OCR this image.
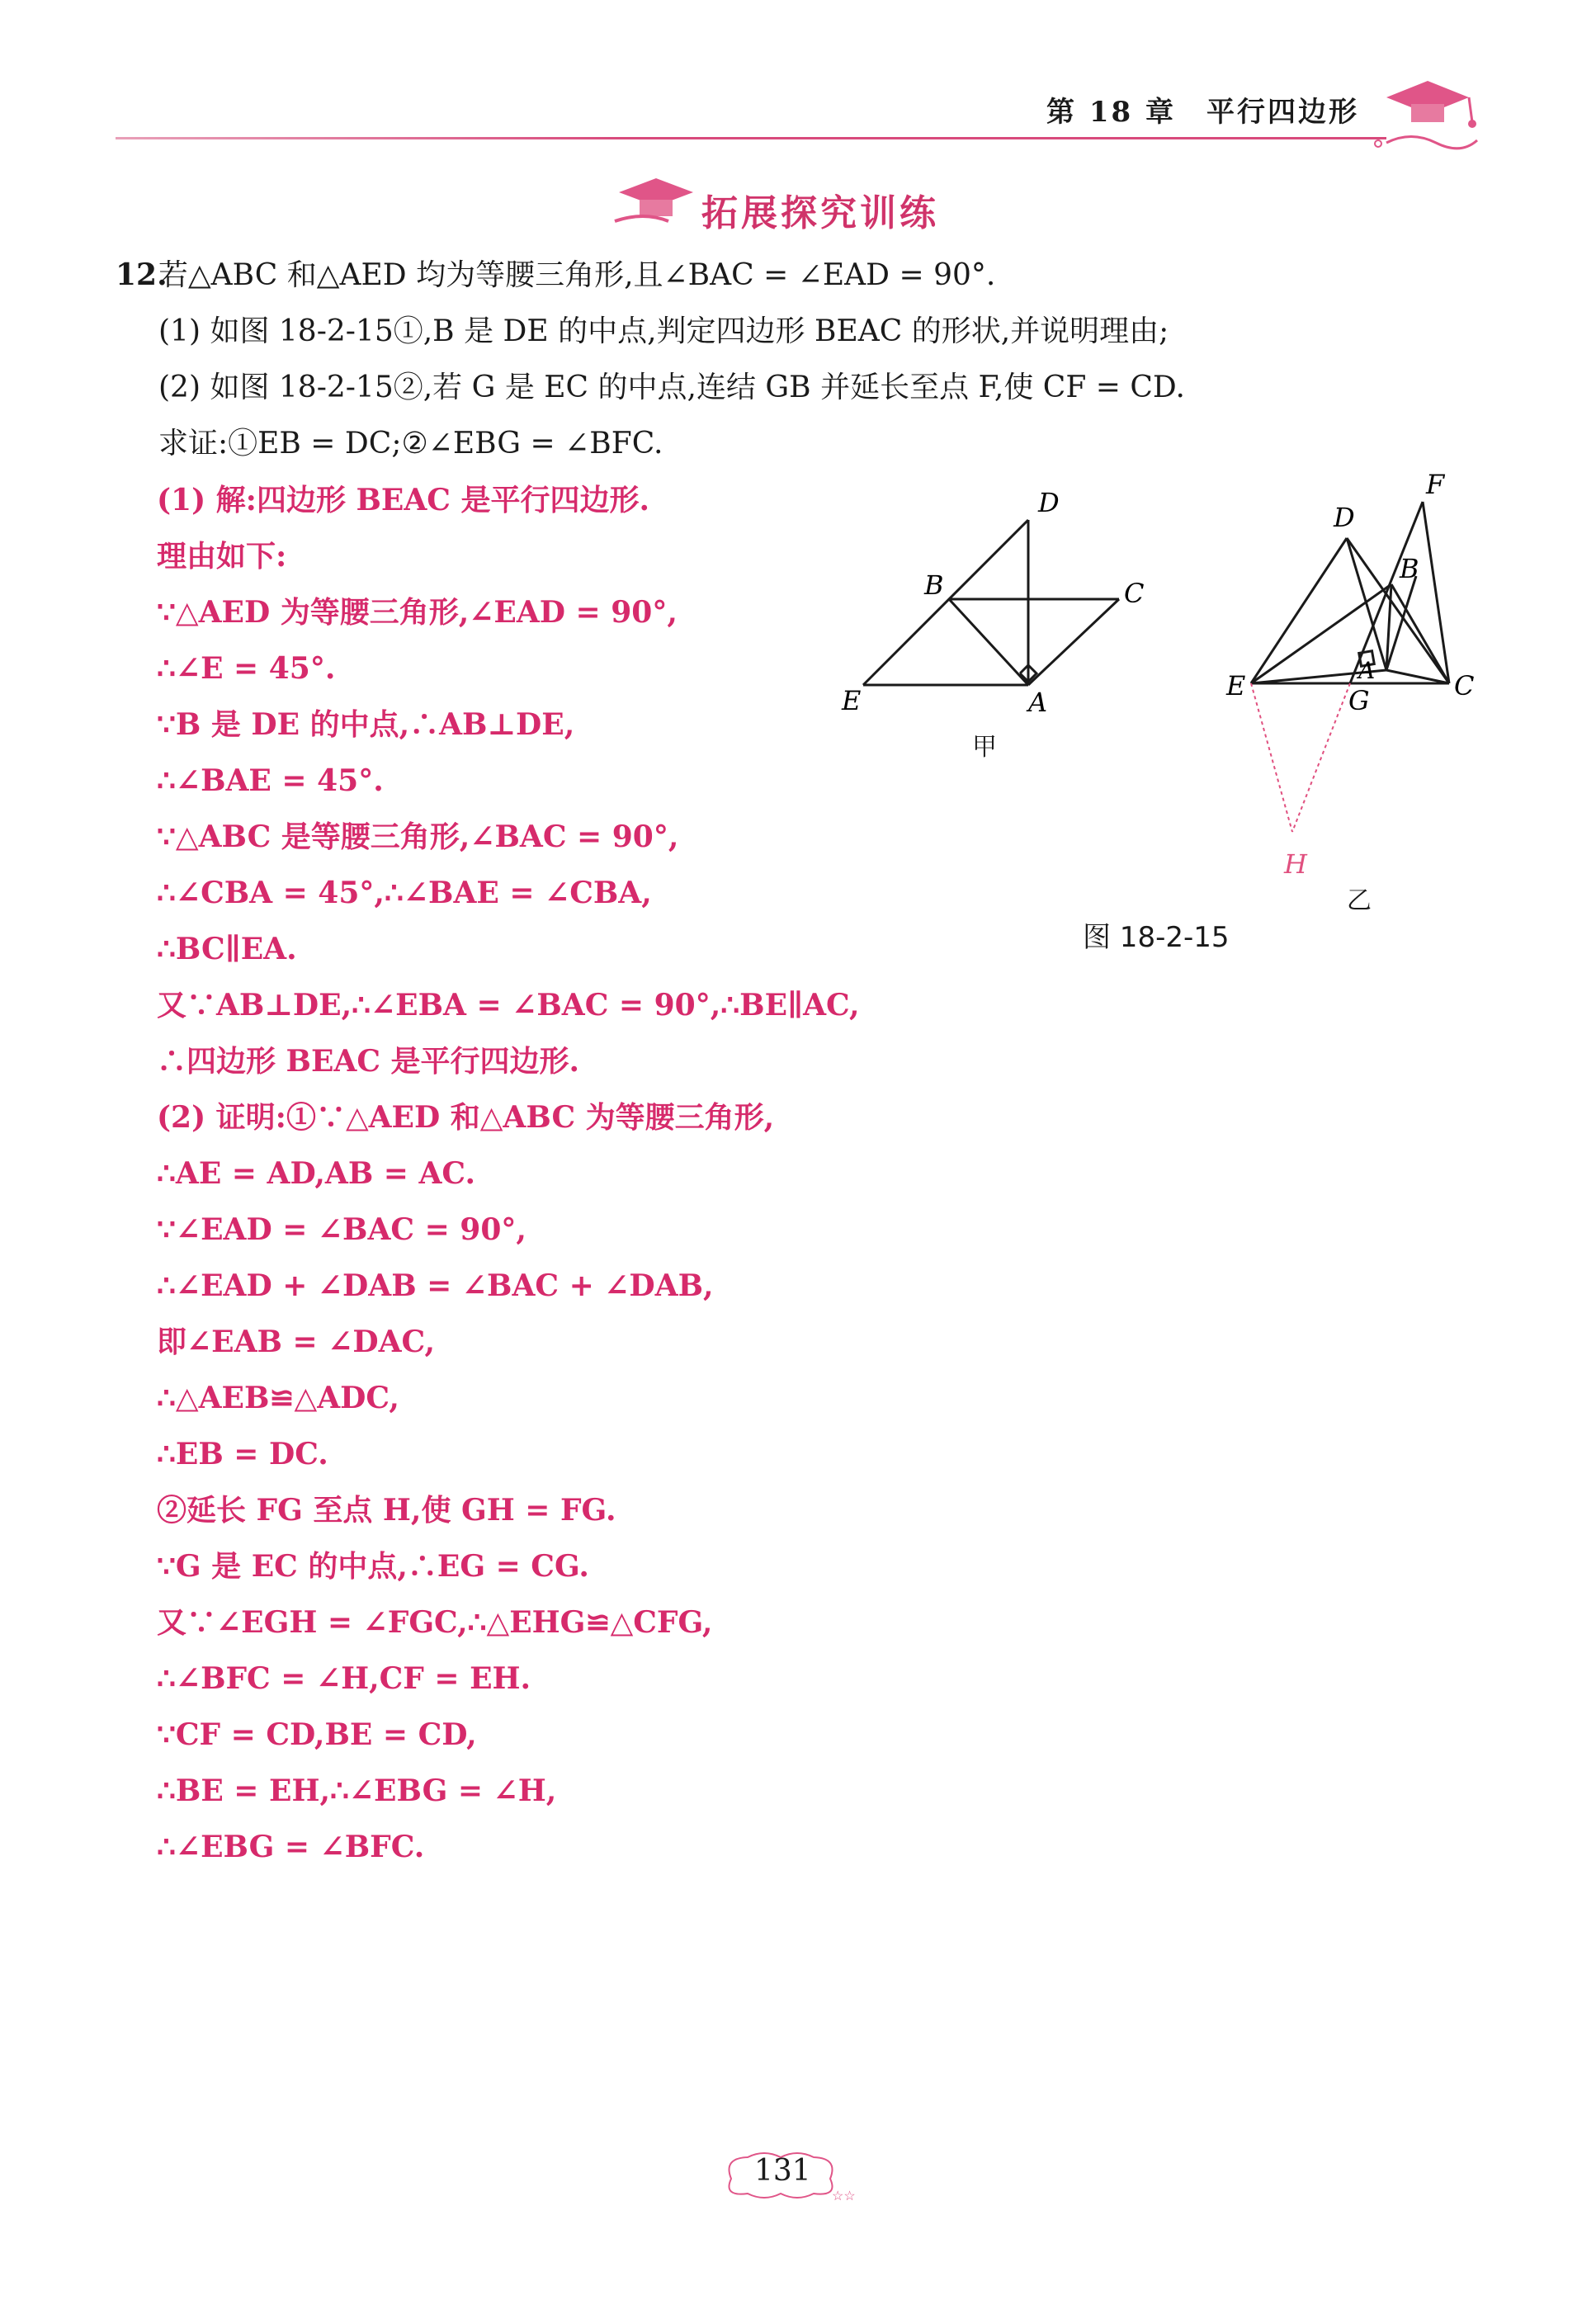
第 18 章　平行四边形
拓展探究训练
12.
若△ABC 和△AED 均为等腰三角形,且∠BAC = ∠EAD = 90°.
(1) 如图 18-2-15①,B 是 DE 的中点,判定四边形 BEAC 的形状,并说明理由;
(2) 如图 18-2-15②,若 G 是 EC 的中点,连结 GB 并延长至点 F,使 CF = CD.
求证:①EB = DC;②∠EBG = ∠BFC.
(1) 解:四边形 BEAC 是平行四边形.
理由如下:
∵△AED 为等腰三角形,∠EAD = 90°,
∴∠E = 45°.
∵B 是 DE 的中点,∴AB⊥DE,
∴∠BAE = 45°.
∵△ABC 是等腰三角形,∠BAC = 90°,
∴∠CBA = 45°,∴∠BAE = ∠CBA,
∴BC∥EA.
又∵AB⊥DE,∴∠EBA = ∠BAC = 90°,∴BE∥AC,
∴四边形 BEAC 是平行四边形.
(2) 证明:①∵△AED 和△ABC 为等腰三角形,
∴AE = AD,AB = AC.
∵∠EAD = ∠BAC = 90°,
∴∠EAD + ∠DAB = ∠BAC + ∠DAB,
即∠EAB = ∠DAC,
∴△AEB≌△ADC,
∴EB = DC.
②延长 FG 至点 H,使 GH = FG.
∵G 是 EC 的中点,∴EG = CG.
又∵∠EGH = ∠FGC,∴△EHG≌△CFG,
∴∠BFC = ∠H,CF = EH.
∵CF = CD,BE = CD,
∴BE = EH,∴∠EBG = ∠H,
∴∠EBG = ∠BFC.
D
B	C
E	A
甲
F
D
B
E	A
G	C
H
乙
图 18-2-15
☆☆
131
